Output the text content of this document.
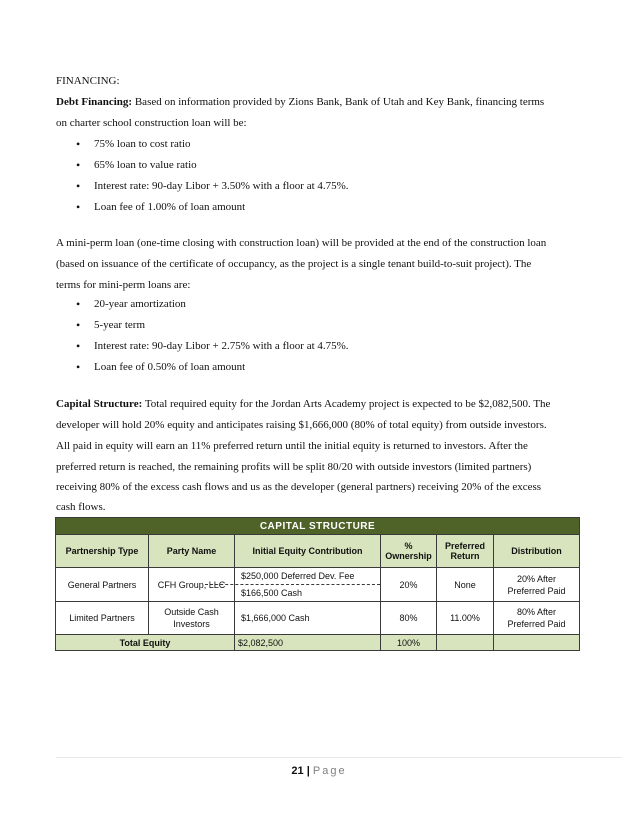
FINANCING:
Debt Financing: Based on information provided by Zions Bank, Bank of Utah and Key Bank, financing terms
on charter school construction loan will be:
• 75% loan to cost ratio
• 65% loan to value ratio
• Interest rate: 90-day Libor + 3.50% with a floor at 4.75%.
• Loan fee of 1.00% of loan amount
A mini-perm loan (one-time closing with construction loan) will be provided at the end of the construction loan
(based on issuance of the certificate of occupancy, as the project is a single tenant build-to-suit project). The
terms for mini-perm loans are:
• 20-year amortization
• 5-year term
• Interest rate: 90-day Libor + 2.75% with a floor at 4.75%.
• Loan fee of 0.50% of loan amount
Capital Structure: Total required equity for the Jordan Arts Academy project is expected to be $2,082,500. The
developer will hold 20% equity and anticipates raising $1,666,000 (80% of total equity) from outside investors.
All paid in equity will earn an 11% preferred return until the initial equity is returned to investors. After the
preferred return is reached, the remaining profits will be split 80/20 with outside investors (limited partners)
receiving 80% of the excess cash flows and us as the developer (general partners) receiving 20% of the excess
cash flows.
CAPITAL STRUCTURE					
Partnership Type	Party Name	Initial Equity Contribution	% Ownership	Preferred Return	Distribution
General Partners	CFH Group, LLC	$250,000 Deferred Dev. Fee
$166,500 Cash	20%	None	20% After Preferred Paid
Limited Partners	Outside Cash Investors	$1,666,000 Cash	80%	11.00%	80% After Preferred Paid
Total Equity		$2,082,500	100%		
21 | Page
